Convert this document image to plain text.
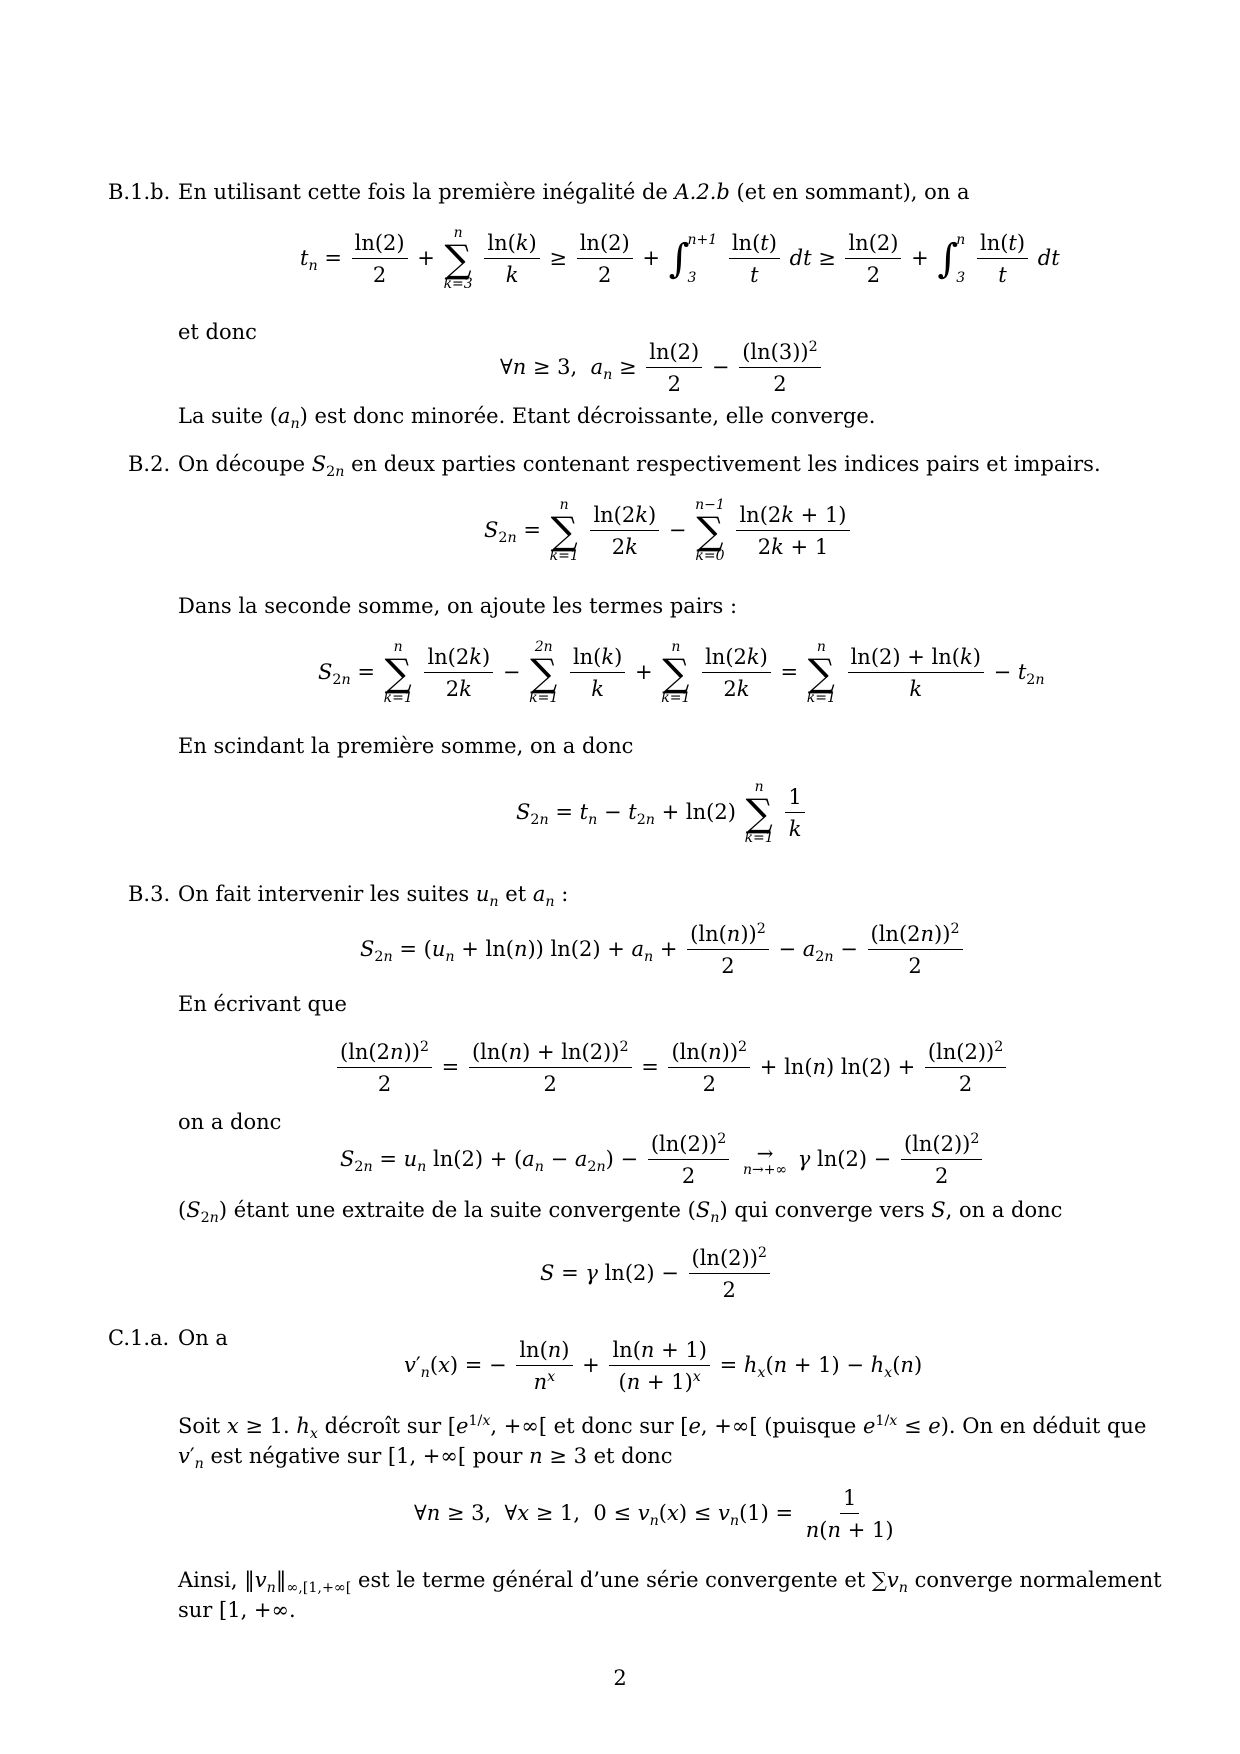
B.1.b. En utilisant cette fois la première inégalité de A.2.b (et en sommant), on a
$t_n = \frac{\ln(2)}{2}$ +
n
∑
k=3
$\frac{\ln(k)}{k} \ge \frac{\ln(2)}{2}$ + ∫
n+1
3
	$\frac{\ln(t)}{t}$ dt ≥ $\frac{\ln(2)}{2}$ + ∫
n
3
$\frac{\ln(t)}{t}$ dt
et donc
∀n ≥ 3,  $a_n \ge \frac{\ln(2)}{2} - \frac{(\ln(3))^2}{2}$
La suite $(a_n)$ est donc minorée. Etant décroissante, elle converge.
B.2. On découpe $S_{2n}$ en deux parties contenant respectivement les indices pairs et impairs.
$S_{2n}$ =
n
∑
k=1
$\frac{\ln(2k)}{2k}$ −
n−1
∑
k=0
$\frac{\ln(2k + 1)}{2k + 1}$
Dans la seconde somme, on ajoute les termes pairs :
$S_{2n}$ =
n
∑
k=1
$\frac{\ln(2k)}{2k}$ −
2n
∑
k=1
$\frac{\ln(k)}{k}$ +
n
∑
k=1
$\frac{\ln(2k)}{2k}$ =
n
∑
k=1
$\frac{\ln(2) + \ln(k)}{k} - t_{2n}$
En scindant la première somme, on a donc
$S_{2n} = t_n - t_{2n} + \ln(2)$
n
∑
k=1
$\frac{1}{k}$
B.3. On fait intervenir les suites $u_n$ et $a_n$ :
$S_{2n} = (u_n + \ln(n)) \ln(2) + a_n + \frac{(\ln(n))^2}{2} - a_{2n} - \frac{(\ln(2n))^2}{2}$
En écrivant que
$\frac{(\ln(2n))^2}{2} = \frac{(\ln(n) + \ln(2))^2}{2} = \frac{(\ln(n))^2}{2} + \ln(n) \ln(2) + \frac{(\ln(2))^2}{2}$
on a donc
$S_{2n} = u_n$ $\ln(2) + (a_n - a_{2n}) - \frac{(\ln(2))^2}{2}$
→
n→+∞ γ $\ln(2) - \frac{(\ln(2))^2}{2}$
$(S_{2n})$ étant une extraite de la suite convergente $(S_n)$ qui converge vers S, on a donc
S = γ $\ln(2) - \frac{(\ln(2))^2}{2}$
C.1.a. On a
$v'_n(x)$ = − $\frac{\ln(n)}{n^x} + \frac{\ln(n + 1)}{(n + 1)^x} = h_x(n + 1) - h_x(n)$
Soit x ≥ 1. $h_x$ décroît sur [$e^{1/x}$, +∞[ et donc sur [e, +∞[ (puisque $e^{1/x} \le e$). On en déduit que
$v'_n$ est négative sur [1, +∞[ pour n ≥ 3 et donc
∀n ≥ 3,  ∀x ≥ 1,  $0 \le v_n(x) \le v_n(1) = \frac{1}{n(n + 1)}$
Ainsi, $‖v_n‖_{\infty,[1,+\infty[}$ est le terme général d’une série convergente et $\sum v_n$ converge normalement
sur [1, +∞.
2
